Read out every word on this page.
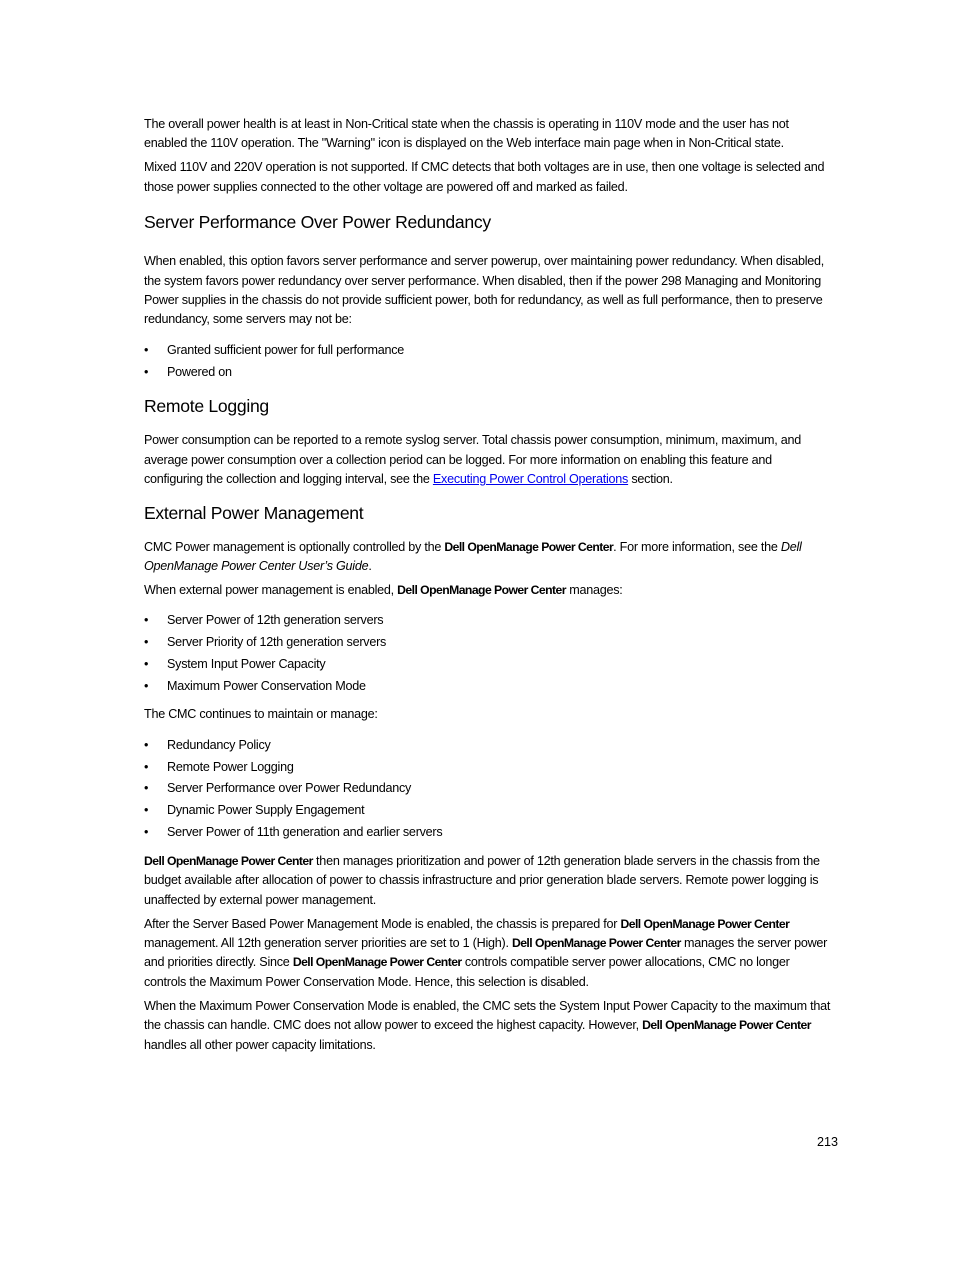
The overall power health is at least in Non-Critical state when the chassis is operating in 110V mode and the user has not enabled the 110V operation. The "Warning" icon is displayed on the Web interface main page when in Non-Critical state.

Mixed 110V and 220V operation is not supported. If CMC detects that both voltages are in use, then one voltage is selected and those power supplies connected to the other voltage are powered off and marked as failed.

Server Performance Over Power Redundancy

When enabled, this option favors server performance and server powerup, over maintaining power redundancy. When disabled, the system favors power redundancy over server performance. When disabled, then if the power 298 Managing and Monitoring Power supplies in the chassis do not provide sufficient power, both for redundancy, as well as full performance, then to preserve redundancy, some servers may not be:

• Granted sufficient power for full performance
• Powered on
Remote Logging

Power consumption can be reported to a remote syslog server. Total chassis power consumption, minimum, maximum, and average power consumption over a collection period can be logged. For more information on enabling this feature and configuring the collection and logging interval, see the Executing Power Control Operations section.

External Power Management

CMC Power management is optionally controlled by the Dell OpenManage Power Center. For more information, see the Dell OpenManage Power Center User’s Guide.

When external power management is enabled, Dell OpenManage Power Center manages:

• Server Power of 12th generation servers
• Server Priority of 12th generation servers
• System Input Power Capacity
• Maximum Power Conservation Mode

The CMC continues to maintain or manage:

• Redundancy Policy
• Remote Power Logging
• Server Performance over Power Redundancy
• Dynamic Power Supply Engagement
• Server Power of 11th generation and earlier servers

Dell OpenManage Power Center then manages prioritization and power of 12th generation blade servers in the chassis from the budget available after allocation of power to chassis infrastructure and prior generation blade servers. Remote power logging is unaffected by external power management.

After the Server Based Power Management Mode is enabled, the chassis is prepared for Dell OpenManage Power Center management. All 12th generation server priorities are set to 1 (High). Dell OpenManage Power Center manages the server power and priorities directly. Since Dell OpenManage Power Center controls compatible server power allocations, CMC no longer controls the Maximum Power Conservation Mode. Hence, this selection is disabled.

When the Maximum Power Conservation Mode is enabled, the CMC sets the System Input Power Capacity to the maximum that the chassis can handle. CMC does not allow power to exceed the highest capacity. However, Dell OpenManage Power Center handles all other power capacity limitations.

213
